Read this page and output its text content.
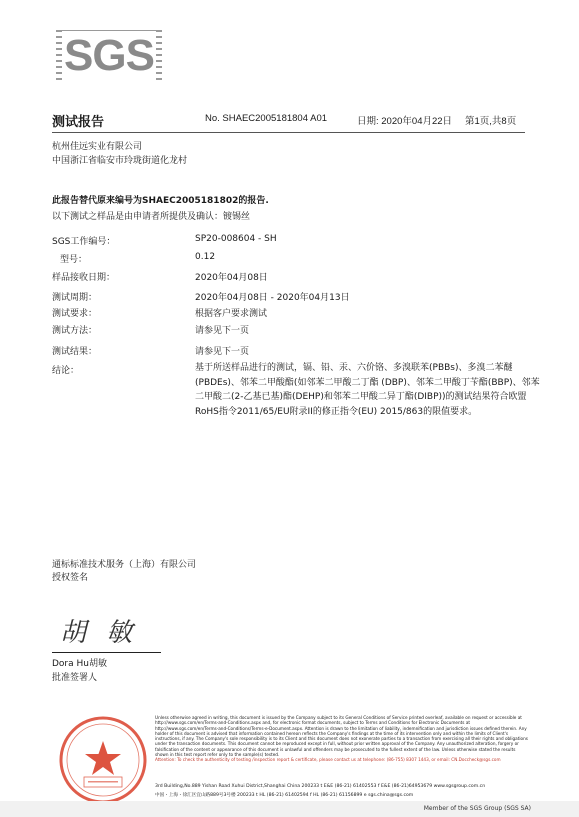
SGS
测试报告	No. SHAEC2005181804 A01	日期: 2020年04月22日 第1页,共8页
杭州佳远实业有限公司
中国浙江省临安市玲珑街道化龙村
此报告替代原来编号为SHAEC2005181802的报告.
以下测试之样品是由申请者所提供及确认：镀锡丝
SGS工作编号：	SP20-008604 - SH
型号：	0.12
样品接收日期：	2020年04月08日
测试周期：	2020年04月08日 - 2020年04月13日
测试要求：	根据客户要求测试
测试方法：	请参见下一页
测试结果：	请参见下一页
结论：	基于所送样品进行的测试，镉、铅、汞、六价铬、多溴联苯(PBBs)、多溴二苯醚(PBDEs)、邻苯二甲酸酯(如邻苯二甲酸二丁酯 (DBP)、邻苯二甲酸丁苄酯(BBP)、邻苯二甲酸二(2-乙基已基)酯(DEHP)和邻苯二甲酸二异丁酯(DIBP))的测试结果符合欧盟RoHS指令2011/65/EU附录II的修正指令(EU) 2015/863的限值要求。
通标标准技术服务（上海）有限公司
授权签名
胡 敏
Dora Hu胡敏
批准签署人
Unless otherwise agreed in writing, this document is issued by the Company subject to its General Conditions of Service printed overleaf, available on request or accessible at http://www.sgs.com/en/Terms-and-Conditions.aspx and, for electronic format documents, subject to Terms and Conditions for Electronic Documents at http://www.sgs.com/en/Terms-and-Conditions/Terms-e-Document.aspx. Attention is drawn to the limitation of liability, indemnification and jurisdiction issues defined therein. Any holder of this document is advised that information contained hereon reflects the Company's findings at the time of its intervention only and within the limits of Client's instructions, if any. The Company's sole responsibility is to its Client and this document does not exonerate parties to a transaction from exercising all their rights and obligations under the transaction documents. This document cannot be reproduced except in full, without prior written approval of the Company. Any unauthorized alteration, forgery or falsification of the content or appearance of this document is unlawful and offenders may be prosecuted to the fullest extent of the law. Unless otherwise stated the results shown in this test report refer only to the sample(s) tested.
Attention: To check the authenticity of testing /inspection report & certificate, please contact us at telephone: (86-755) 8307 1443, or email: CN.Doccheck@sgs.com
3rd Building,No.889 Yishan Road Xuhui District,Shanghai China 200233 t E&E (86-21) 61402553 f E&E (86-21)64953679 www.sgsgroup.com.cn
中国・上海・徐汇区宜山路889号3号楼 200233 t HL (86-21) 61402594 f HL (86-21) 61156899 e sgs.china@sgs.com
Member of the SGS Group (SGS SA)
